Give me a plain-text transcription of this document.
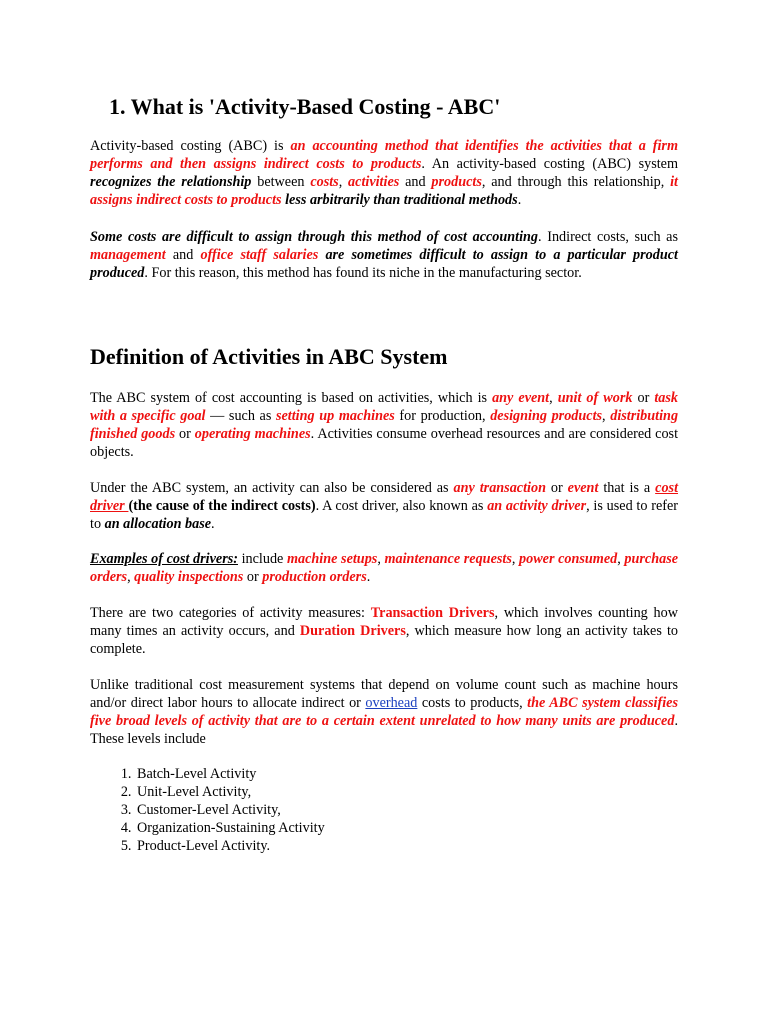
1. What is 'Activity-Based Costing - ABC'

Activity-based costing (ABC) is an accounting method that identifies the activities that a firm performs and then assigns indirect costs to products. An activity-based costing (ABC) system recognizes the relationship between costs, activities and products, and through this relationship, it assigns indirect costs to products less arbitrarily than traditional methods.

Some costs are difficult to assign through this method of cost accounting. Indirect costs, such as management and office staff salaries are sometimes difficult to assign to a particular product produced. For this reason, this method has found its niche in the manufacturing sector.

Definition of Activities in ABC System

The ABC system of cost accounting is based on activities, which is any event, unit of work or task with a specific goal — such as setting up machines for production, designing products, distributing finished goods or operating machines. Activities consume overhead resources and are considered cost objects.

Under the ABC system, an activity can also be considered as any transaction or event that is a cost driver (the cause of the indirect costs). A cost driver, also known as an activity driver, is used to refer to an allocation base.

Examples of cost drivers: include machine setups, maintenance requests, power consumed, purchase orders, quality inspections or production orders.

There are two categories of activity measures: Transaction Drivers, which involves counting how many times an activity occurs, and Duration Drivers, which measure how long an activity takes to complete.

Unlike traditional cost measurement systems that depend on volume count such as machine hours and/or direct labor hours to allocate indirect or overhead costs to products, the ABC system classifies five broad levels of activity that are to a certain extent unrelated to how many units are produced. These levels include

1. Batch-Level Activity
2. Unit-Level Activity,
3. Customer-Level Activity,
4. Organization-Sustaining Activity
5. Product-Level Activity.
